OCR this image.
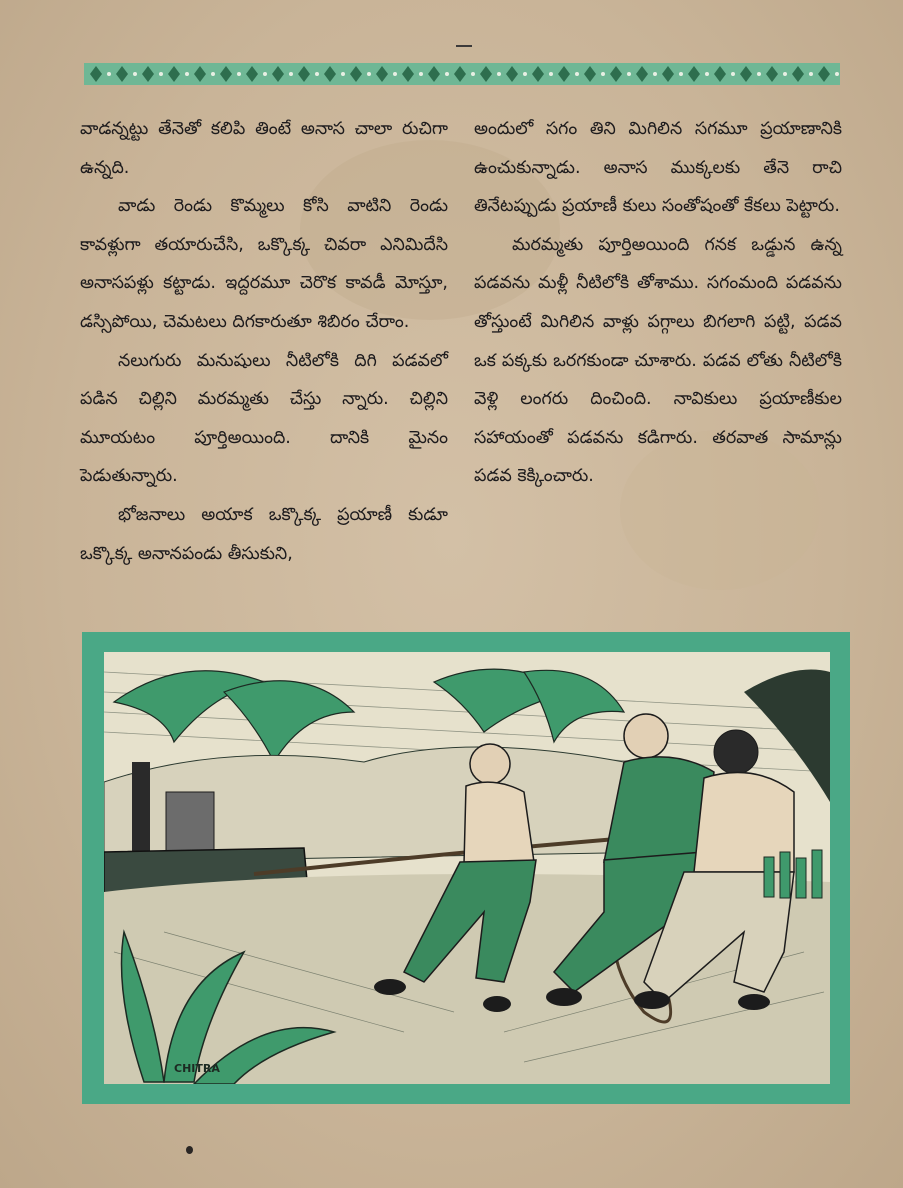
వాడన్నట్టు తేనెతో కలిపి తింటే అనాస చాలా రుచిగా ఉన్నది.

వాడు రెండు కొమ్మలు కోసి వాటిని రెండు కావళ్లుగా తయారుచేసి, ఒక్కొక్క చివరా ఎనిమిదేసి అనాసపళ్లు కట్టాడు. ఇద్దరమూ చెరొక కావడీ మోస్తూ, డస్సిపోయి, చెమటలు దిగకారుతూ శిబిరం చేరాం.

నలుగురు మనుషులు నీటిలోకి దిగి పడవలో పడిన చిల్లిని మరమ్మతు చేస్తు న్నారు. చిల్లిని మూయటం పూర్తిఅయింది. దానికి మైనం పెడుతున్నారు.

భోజనాలు అయాక ఒక్కొక్క ప్రయాణీ కుడూ ఒక్కొక్క అనానపండు తీసుకుని,

అందులో సగం తిని మిగిలిన సగమూ ప్రయాణానికి ఉంచుకున్నాడు. అనాస ముక్కలకు తేనె రాచి తినేటప్పుడు ప్రయాణీ కులు సంతోషంతో కేకలు పెట్టారు.

మరమ్మతు పూర్తిఅయింది గనక ఒడ్డున ఉన్న పడవను మళ్లీ నీటిలోకి తోశాము. సగంమంది పడవను తోస్తుంటే మిగిలిన వాళ్లు పగ్గాలు బిగలాగి పట్టి, పడవ ఒక పక్కకు ఒరగకుండా చూశారు. పడవ లోతు నీటిలోకి వెళ్లి లంగరు దించింది. నావికులు ప్రయాణీకుల సహాయంతో పడవను కడిగారు. తరవాత సామాన్లు పడవ కెక్కించారు.

CHITRA
